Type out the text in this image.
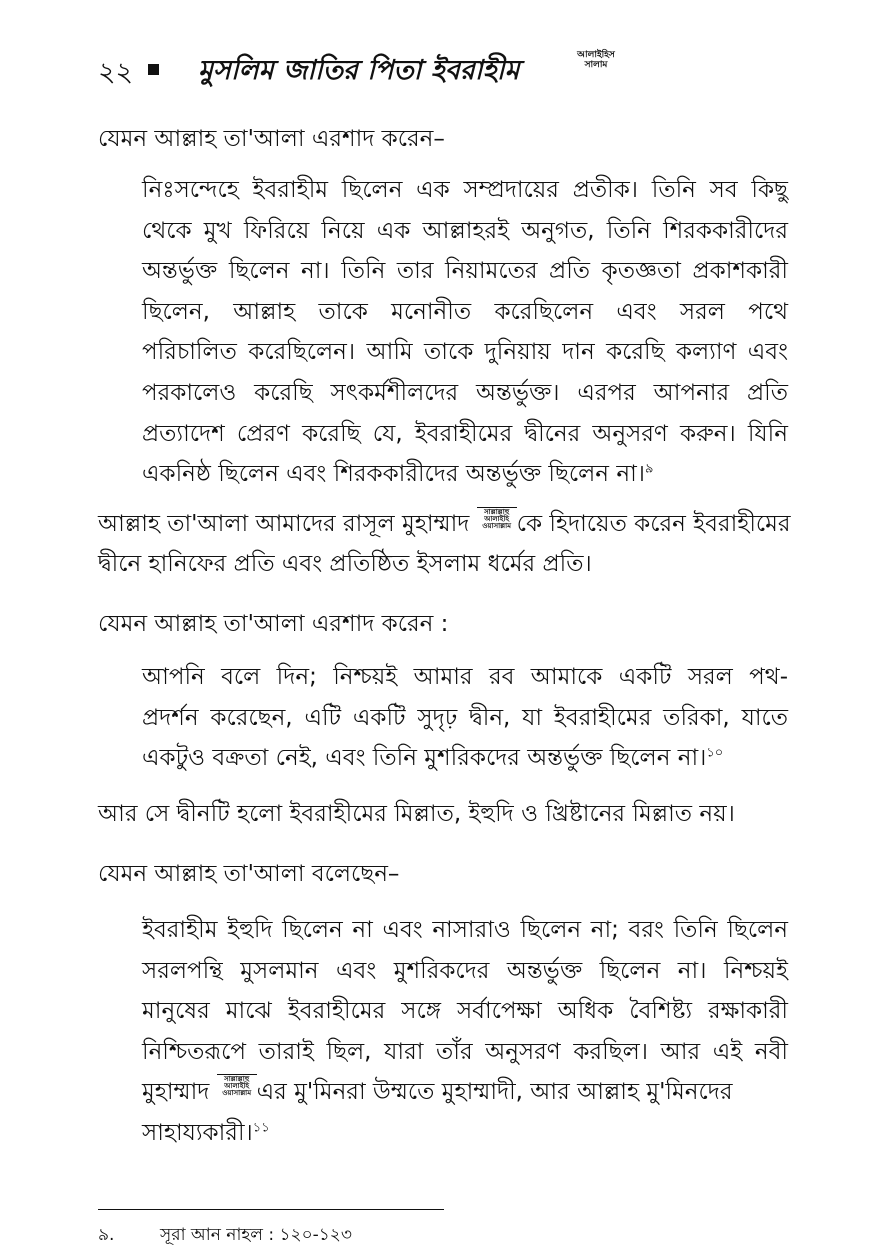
২২ মুসলিম জাতির পিতা ইবরাহীম	আলাইহিস সালাম
যেমন আল্লাহ তা'আলা এরশাদ করেন–
নিঃসন্দেহে ইবরাহীম ছিলেন এক সম্প্রদায়ের প্রতীক। তিনি সব কিছু
থেকে মুখ ফিরিয়ে নিয়ে এক আল্লাহরই অনুগত, তিনি শিরককারীদের
অন্তর্ভুক্ত ছিলেন না। তিনি তার নিয়ামতের প্রতি কৃতজ্ঞতা প্রকাশকারী
ছিলেন, আল্লাহ তাকে মনোনীত করেছিলেন এবং সরল পথে
পরিচালিত করেছিলেন। আমি তাকে দুনিয়ায় দান করেছি কল্যাণ এবং
পরকালেও করেছি সৎকর্মশীলদের অন্তর্ভুক্ত। এরপর আপনার প্রতি
প্রত্যাদেশ প্রেরণ করেছি যে, ইবরাহীমের দ্বীনের অনুসরণ করুন। যিনি
একনিষ্ঠ ছিলেন এবং শিরককারীদের অন্তর্ভুক্ত ছিলেন না।$^৯$
আল্লাহ তা'আলা আমাদের রাসূল মুহাম্মাদ সাল্লাল্লাহু আলাইহি ওয়াসাল্লাম কে হিদায়েত করেন ইবরাহীমের
দ্বীনে হানিফের প্রতি এবং প্রতিষ্ঠিত ইসলাম ধর্মের প্রতি।
যেমন আল্লাহ তা'আলা এরশাদ করেন :
আপনি বলে দিন; নিশ্চয়ই আমার রব আমাকে একটি সরল পথ-
প্রদর্শন করেছেন, এটি একটি সুদৃঢ় দ্বীন, যা ইবরাহীমের তরিকা, যাতে
একটুও বক্রতা নেই, এবং তিনি মুশরিকদের অন্তর্ভুক্ত ছিলেন না।$^{১০}$
আর সে দ্বীনটি হলো ইবরাহীমের মিল্লাত, ইহুদি ও খ্রিষ্টানের মিল্লাত নয়।
যেমন আল্লাহ তা'আলা বলেছেন–
ইবরাহীম ইহুদি ছিলেন না এবং নাসারাও ছিলেন না; বরং তিনি ছিলেন
সরলপন্থি মুসলমান এবং মুশরিকদের অন্তর্ভুক্ত ছিলেন না। নিশ্চয়ই
মানুষের মাঝে ইবরাহীমের সঙ্গে সর্বাপেক্ষা অধিক বৈশিষ্ট্য রক্ষাকারী
নিশ্চিতরূপে তারাই ছিল, যারা তাঁর অনুসরণ করছিল। আর এই নবী
মুহাম্মাদ সাল্লাল্লাহু আলাইহি ওয়াসাল্লাম এর মু'মিনরা উম্মতে মুহাম্মাদী, আর আল্লাহ মু'মিনদের
সাহায্যকারী।$^{১১}$
৯.	সূরা আন নাহল : ১২০-১২৩
